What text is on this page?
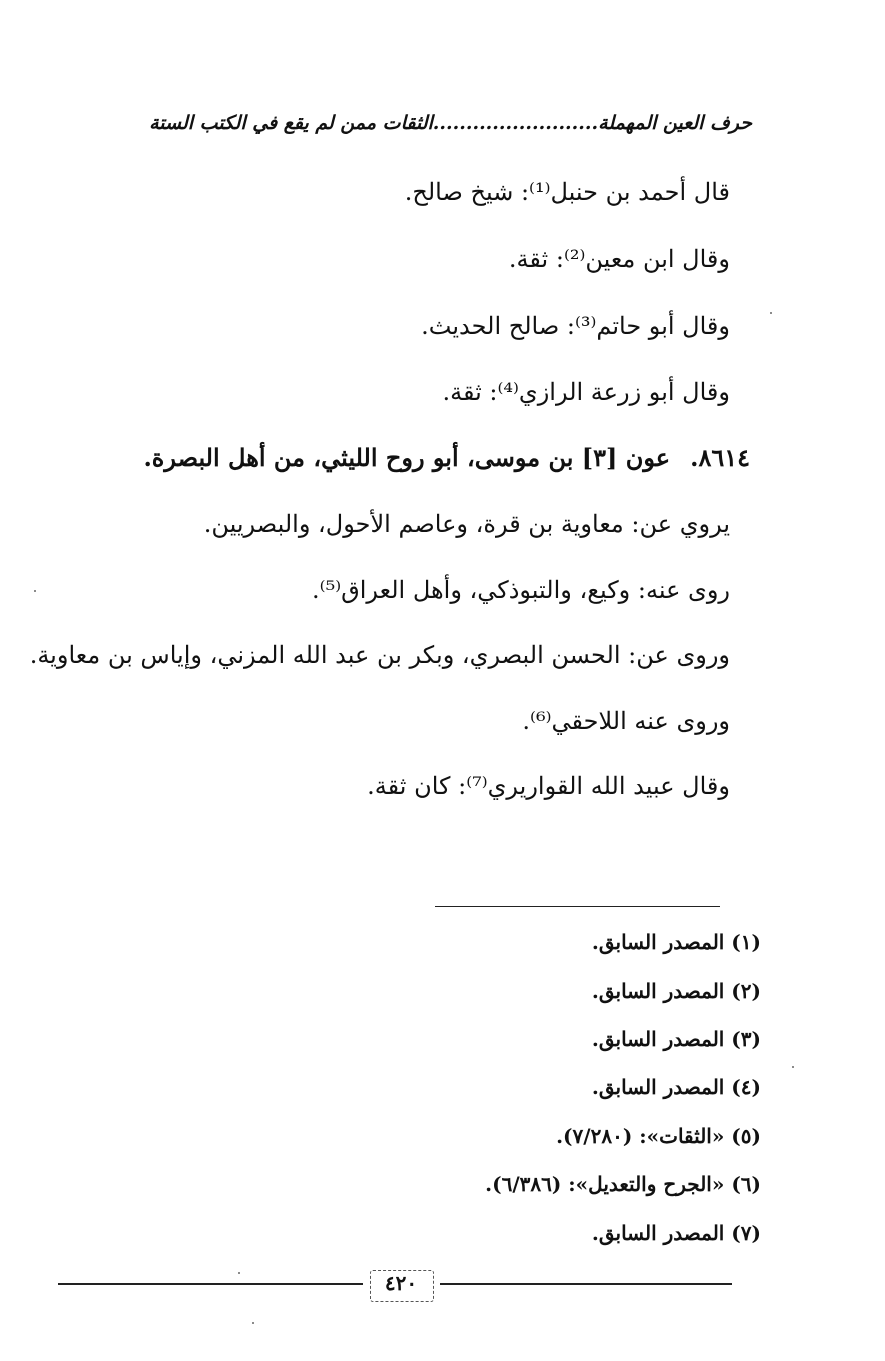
حرف العين المهملة.........................الثقات ممن لم يقع في الكتب الستة
قال أحمد بن حنبل⁽¹⁾: شيخ صالح.
وقال ابن معين⁽²⁾: ثقة.
وقال أبو حاتم⁽³⁾: صالح الحديث.
وقال أبو زرعة الرازي⁽⁴⁾: ثقة.
٨٦١٤.عون [٣] بن موسى، أبو روح الليثي، من أهل البصرة.
يروي عن: معاوية بن قرة، وعاصم الأحول، والبصريين.
روى عنه: وكيع، والتبوذكي، وأهل العراق⁽⁵⁾.
وروى عن: الحسن البصري، وبكر بن عبد الله المزني، وإياس بن معاوية.
وروى عنه اللاحقي⁽⁶⁾.
وقال عبيد الله القواريري⁽⁷⁾: كان ثقة.
(١) المصدر السابق.
(٢) المصدر السابق.
(٣) المصدر السابق.
(٤) المصدر السابق.
(٥) «الثقات»: (٧/٢٨٠).
(٦) «الجرح والتعديل»: (٦/٣٨٦).
(٧) المصدر السابق.
٤٢٠
